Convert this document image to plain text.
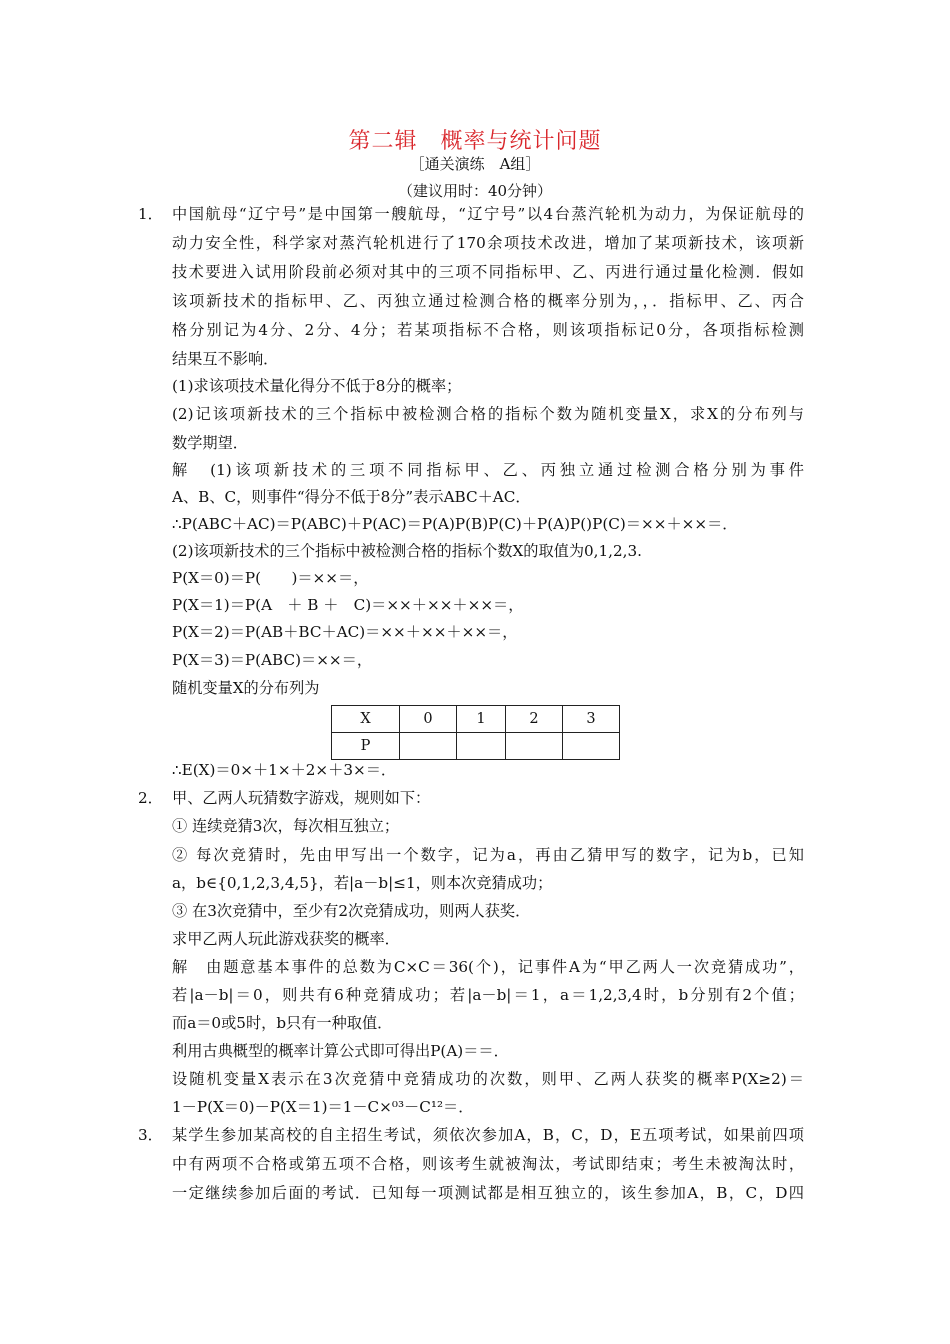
第二辑　概率与统计问题
［通关演练　A组］
（建议用时：40分钟）
1． 中国航母“辽宁号”是中国第一艘航母，“辽宁号”以4台蒸汽轮机为动力，为保证航母的
动力安全性，科学家对蒸汽轮机进行了170余项技术改进，增加了某项新技术，该项新
技术要进入试用阶段前必须对其中的三项不同指标甲、乙、丙进行通过量化检测．假如
该项新技术的指标甲、乙、丙独立通过检测合格的概率分别为，，．指标甲、乙、丙合
格分别记为4分、2分、4分；若某项指标不合格，则该项指标记0分，各项指标检测
结果互不影响．
(1)求该项技术量化得分不低于8分的概率；
(2)记该项新技术的三个指标中被检测合格的指标个数为随机变量X，求X的分布列与
数学期望．
解　(1)该项新技术的三项不同指标甲、乙、丙独立通过检测合格分别为事件
A、B、C，则事件“得分不低于8分”表示ABC＋AC．
∴P(ABC＋AC)＝P(ABC)＋P(AC)＝P(A)P(B)P(C)＋P(A)P()P(C)＝××＋××＝．
(2)该项新技术的三个指标中被检测合格的指标个数X的取值为0,1,2,3.
P(X＝0)＝P(　　)＝××＝，
P(X＝1)＝P(A　＋ B ＋　C)＝××＋××＋××＝，
P(X＝2)＝P(AB＋BC＋AC)＝××＋××＋××＝，
P(X＝3)＝P(ABC)＝××＝，
随机变量X的分布列为
∴E(X)＝0×＋1×＋2×＋3×＝．
2． 甲、乙两人玩猜数字游戏，规则如下：
① 连续竞猜3次，每次相互独立；
② 每次竞猜时，先由甲写出一个数字，记为a，再由乙猜甲写的数字，记为b，已知
a，b∈{0,1,2,3,4,5}，若|a－b|≤1，则本次竞猜成功；
③ 在3次竞猜中，至少有2次竞猜成功，则两人获奖．
求甲乙两人玩此游戏获奖的概率．
解　由题意基本事件的总数为C×C＝36(个)，记事件A为“甲乙两人一次竞猜成功”，
若|a－b|＝0，则共有6种竞猜成功；若|a－b|＝1，a＝1,2,3,4时，b分别有2个值；
而a＝0或5时，b只有一种取值．
利用古典概型的概率计算公式即可得出P(A)＝＝．
设随机变量X表示在3次竞猜中竞猜成功的次数，则甲、乙两人获奖的概率P(X≥2)＝
1－P(X＝0)－P(X＝1)＝1－C×⁰³－C¹²＝．
3． 某学生参加某高校的自主招生考试，须依次参加A，B，C，D，E五项考试，如果前四项
中有两项不合格或第五项不合格，则该考生就被淘汰，考试即结束；考生未被淘汰时，
一定继续参加后面的考试．已知每一项测试都是相互独立的，该生参加A，B，C，D四
X	0	1	2	3
P				
